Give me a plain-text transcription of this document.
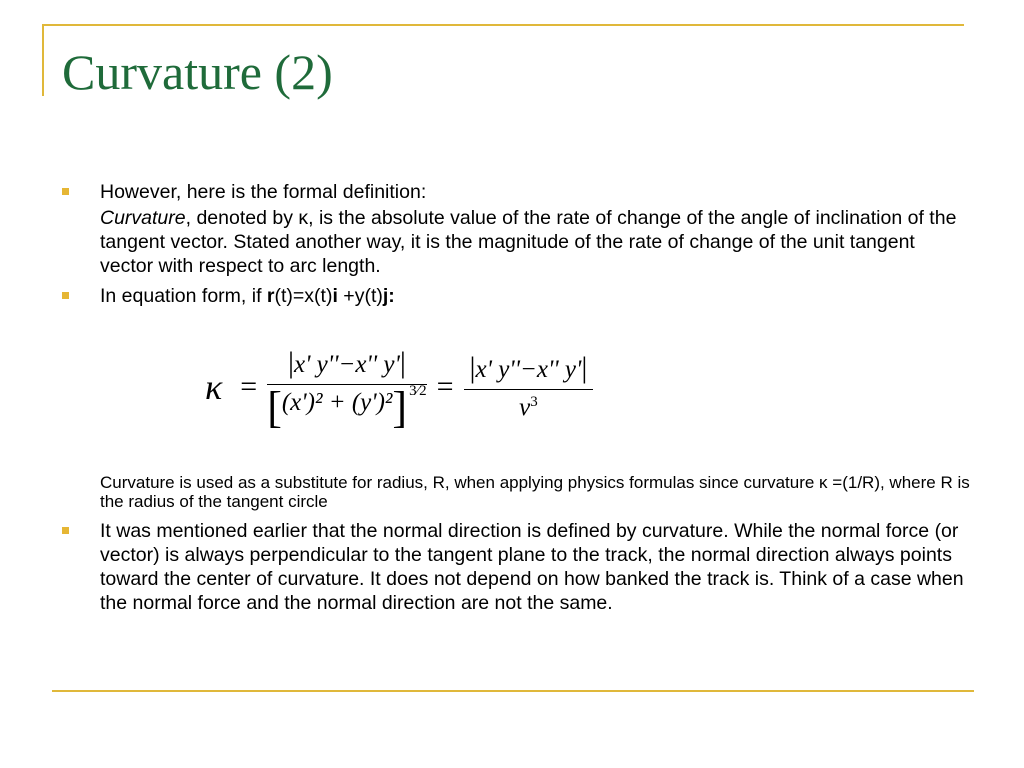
Curvature (2)
However, here is the formal definition:
Curvature, denoted by κ, is the absolute value of the rate of change of the angle of inclination of the tangent vector. Stated another way, it is the magnitude of the rate of change of the unit tangent vector with respect to arc length.
In equation form, if r(t)=x(t)i +y(t)j:
$\kappa = \frac{|x' y''-x'' y'|}{\text{[ (x')² + (y')² ] 3⁄2}} = \frac{|x' y''-x'' y'|}{v^3}$
Curvature is used as a substitute for radius, R, when applying physics formulas since curvature κ =(1/R), where R is the radius of the tangent circle
It was mentioned earlier that the normal direction is defined by curvature. While the normal force (or vector) is always perpendicular to the tangent plane to the track, the normal direction always points toward the center of curvature. It does not depend on how banked the track is. Think of a case when the normal force and the normal direction are not the same.
